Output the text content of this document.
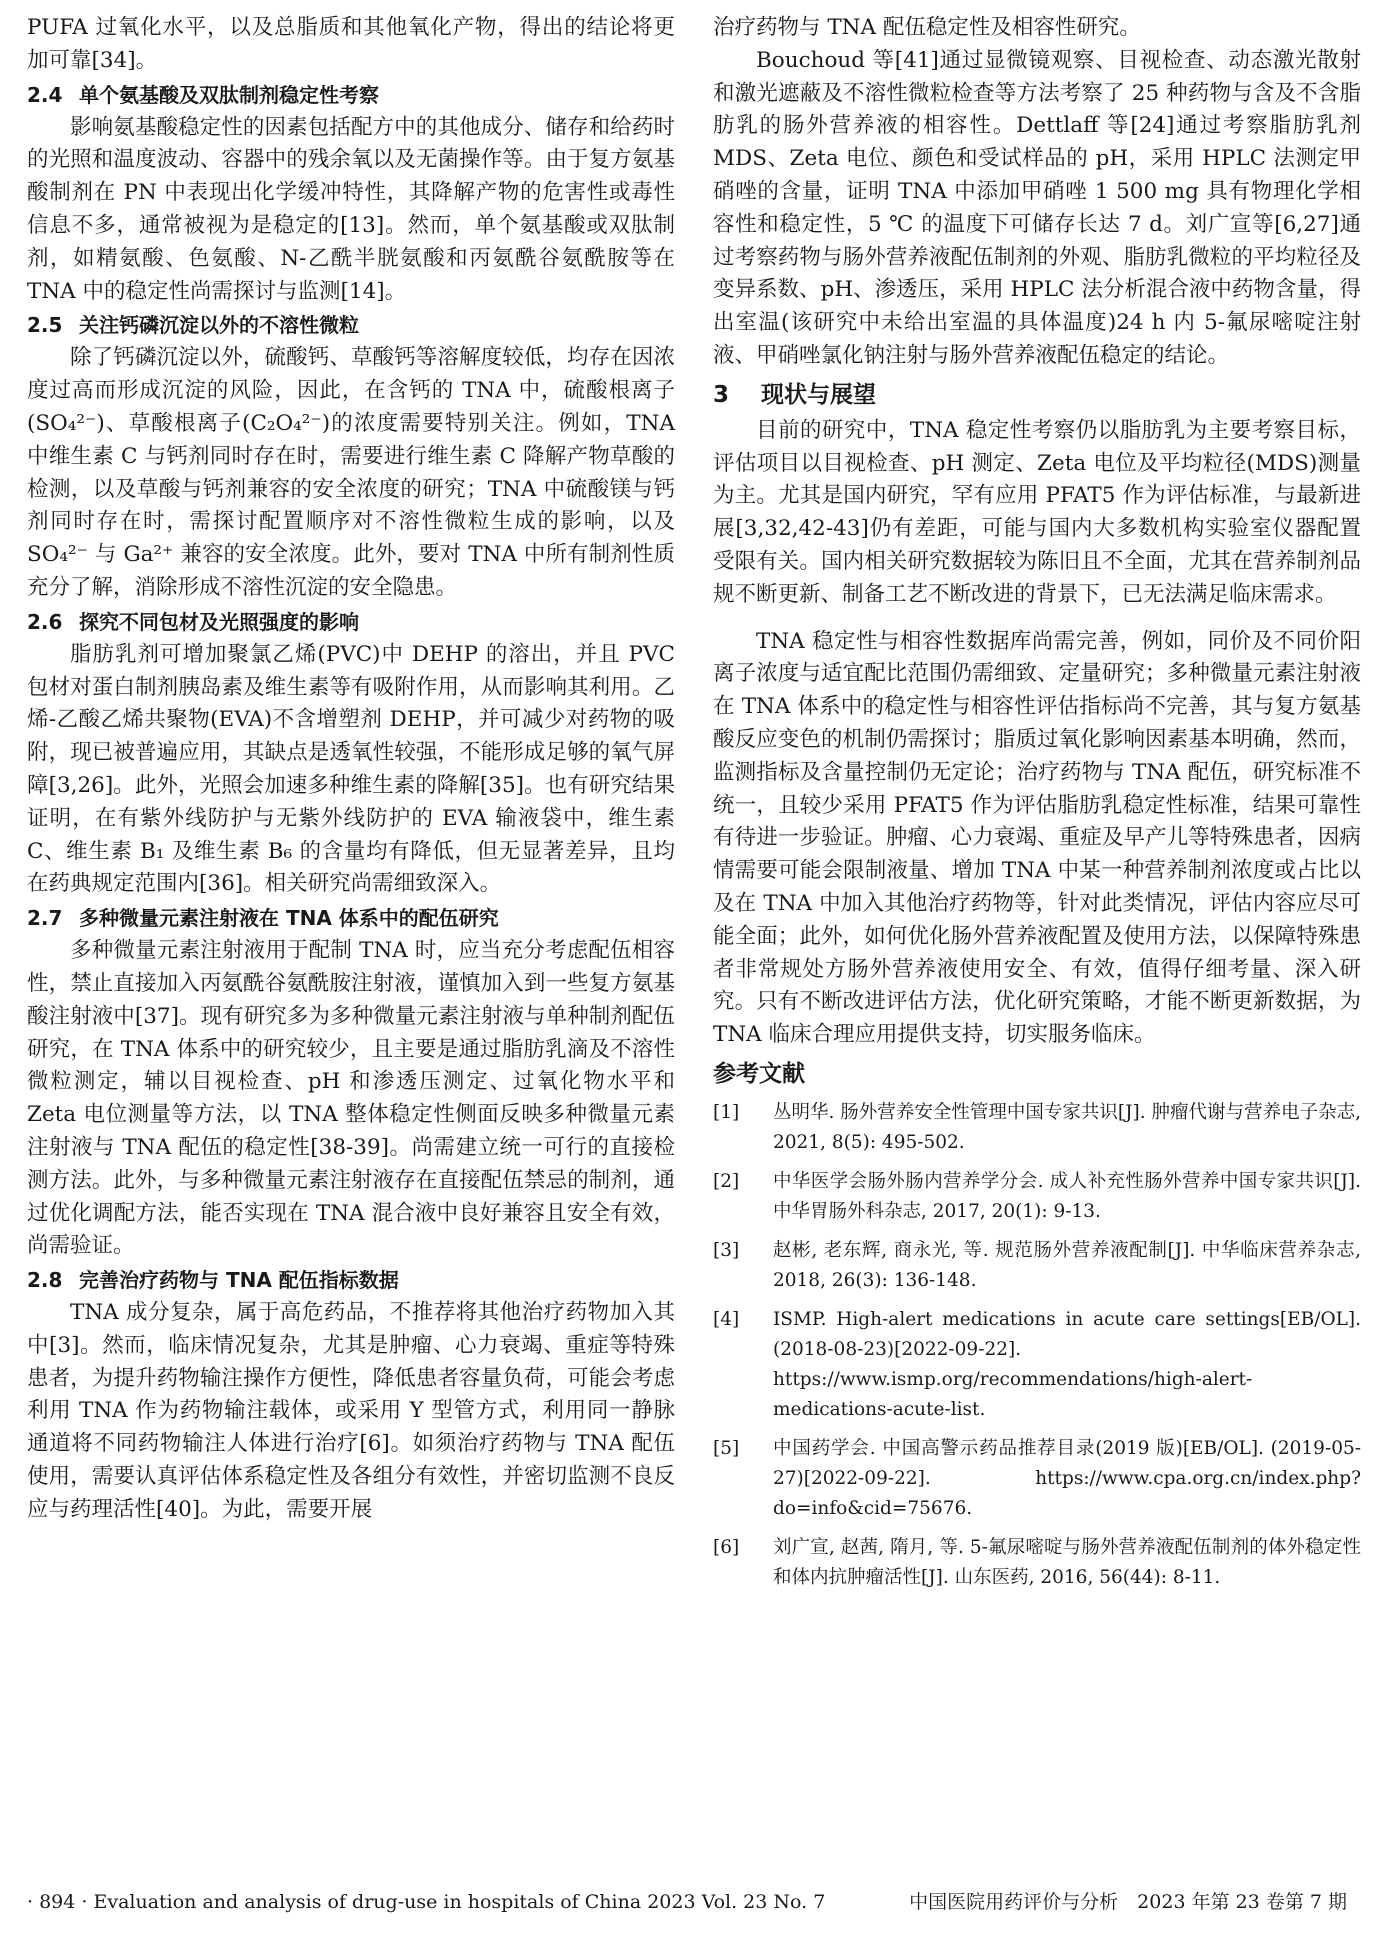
PUFA 过氧化水平，以及总脂质和其他氧化产物，得出的结论将更加可靠[34]。

2.4 单个氨基酸及双肽制剂稳定性考察

影响氨基酸稳定性的因素包括配方中的其他成分、储存和给药时的光照和温度波动、容器中的残余氧以及无菌操作等。由于复方氨基酸制剂在 PN 中表现出化学缓冲特性，其降解产物的危害性或毒性信息不多，通常被视为是稳定的[13]。然而，单个氨基酸或双肽制剂，如精氨酸、色氨酸、N-乙酰半胱氨酸和丙氨酰谷氨酰胺等在 TNA 中的稳定性尚需探讨与监测[14]。

2.5 关注钙磷沉淀以外的不溶性微粒

除了钙磷沉淀以外，硫酸钙、草酸钙等溶解度较低，均存在因浓度过高而形成沉淀的风险，因此，在含钙的 TNA 中，硫酸根离子(SO₄²⁻)、草酸根离子(C₂O₄²⁻)的浓度需要特别关注。例如，TNA 中维生素 C 与钙剂同时存在时，需要进行维生素 C 降解产物草酸的检测，以及草酸与钙剂兼容的安全浓度的研究；TNA 中硫酸镁与钙剂同时存在时，需探讨配置顺序对不溶性微粒生成的影响，以及 SO₄²⁻ 与 Ga²⁺ 兼容的安全浓度。此外，要对 TNA 中所有制剂性质充分了解，消除形成不溶性沉淀的安全隐患。

2.6 探究不同包材及光照强度的影响

脂肪乳剂可增加聚氯乙烯(PVC)中 DEHP 的溶出，并且 PVC 包材对蛋白制剂胰岛素及维生素等有吸附作用，从而影响其利用。乙烯-乙酸乙烯共聚物(EVA)不含增塑剂 DEHP，并可减少对药物的吸附，现已被普遍应用，其缺点是透氧性较强，不能形成足够的氧气屏障[3,26]。此外，光照会加速多种维生素的降解[35]。也有研究结果证明，在有紫外线防护与无紫外线防护的 EVA 输液袋中，维生素 C、维生素 B₁ 及维生素 B₆ 的含量均有降低，但无显著差异，且均在药典规定范围内[36]。相关研究尚需细致深入。

2.7 多种微量元素注射液在 TNA 体系中的配伍研究

多种微量元素注射液用于配制 TNA 时，应当充分考虑配伍相容性，禁止直接加入丙氨酰谷氨酰胺注射液，谨慎加入到一些复方氨基酸注射液中[37]。现有研究多为多种微量元素注射液与单种制剂配伍研究，在 TNA 体系中的研究较少，且主要是通过脂肪乳滴及不溶性微粒测定，辅以目视检查、pH 和渗透压测定、过氧化物水平和 Zeta 电位测量等方法，以 TNA 整体稳定性侧面反映多种微量元素注射液与 TNA 配伍的稳定性[38-39]。尚需建立统一可行的直接检测方法。此外，与多种微量元素注射液存在直接配伍禁忌的制剂，通过优化调配方法，能否实现在 TNA 混合液中良好兼容且安全有效，尚需验证。

2.8 完善治疗药物与 TNA 配伍指标数据

TNA 成分复杂，属于高危药品，不推荐将其他治疗药物加入其中[3]。然而，临床情况复杂，尤其是肿瘤、心力衰竭、重症等特殊患者，为提升药物输注操作方便性，降低患者容量负荷，可能会考虑利用 TNA 作为药物输注载体，或采用 Y 型管方式，利用同一静脉通道将不同药物输注人体进行治疗[6]。如须治疗药物与 TNA 配伍使用，需要认真评估体系稳定性及各组分有效性，并密切监测不良反应与药理活性[40]。为此，需要开展

治疗药物与 TNA 配伍稳定性及相容性研究。

Bouchoud 等[41]通过显微镜观察、目视检查、动态激光散射和激光遮蔽及不溶性微粒检查等方法考察了 25 种药物与含及不含脂肪乳的肠外营养液的相容性。Dettlaff 等[24]通过考察脂肪乳剂 MDS、Zeta 电位、颜色和受试样品的 pH，采用 HPLC 法测定甲硝唑的含量，证明 TNA 中添加甲硝唑 1 500 mg 具有物理化学相容性和稳定性，5 ℃ 的温度下可储存长达 7 d。刘广宣等[6,27]通过考察药物与肠外营养液配伍制剂的外观、脂肪乳微粒的平均粒径及变异系数、pH、渗透压，采用 HPLC 法分析混合液中药物含量，得出室温(该研究中未给出室温的具体温度)24 h 内 5-氟尿嘧啶注射液、甲硝唑氯化钠注射与肠外营养液配伍稳定的结论。

3 现状与展望

目前的研究中，TNA 稳定性考察仍以脂肪乳为主要考察目标，评估项目以目视检查、pH 测定、Zeta 电位及平均粒径(MDS)测量为主。尤其是国内研究，罕有应用 PFAT5 作为评估标准，与最新进展[3,32,42-43]仍有差距，可能与国内大多数机构实验室仪器配置受限有关。国内相关研究数据较为陈旧且不全面，尤其在营养制剂品规不断更新、制备工艺不断改进的背景下，已无法满足临床需求。

TNA 稳定性与相容性数据库尚需完善，例如，同价及不同价阳离子浓度与适宜配比范围仍需细致、定量研究；多种微量元素注射液在 TNA 体系中的稳定性与相容性评估指标尚不完善，其与复方氨基酸反应变色的机制仍需探讨；脂质过氧化影响因素基本明确，然而，监测指标及含量控制仍无定论；治疗药物与 TNA 配伍，研究标准不统一，且较少采用 PFAT5 作为评估脂肪乳稳定性标准，结果可靠性有待进一步验证。肿瘤、心力衰竭、重症及早产儿等特殊患者，因病情需要可能会限制液量、增加 TNA 中某一种营养制剂浓度或占比以及在 TNA 中加入其他治疗药物等，针对此类情况，评估内容应尽可能全面；此外，如何优化肠外营养液配置及使用方法，以保障特殊患者非常规处方肠外营养液使用安全、有效，值得仔细考量、深入研究。只有不断改进评估方法，优化研究策略，才能不断更新数据，为 TNA 临床合理应用提供支持，切实服务临床。

参考文献
[1] 丛明华. 肠外营养安全性管理中国专家共识[J]. 肿瘤代谢与营养电子杂志, 2021, 8(5): 495-502.
[2] 中华医学会肠外肠内营养学分会. 成人补充性肠外营养中国专家共识[J]. 中华胃肠外科杂志, 2017, 20(1): 9-13.
[3] 赵彬, 老东辉, 商永光, 等. 规范肠外营养液配制[J]. 中华临床营养杂志, 2018, 26(3): 136-148.
[4] ISMP. High-alert medications in acute care settings[EB/OL]. (2018-08-23)[2022-09-22]. https://www.ismp.org/recommendations/high-alert-medications-acute-list.
[5] 中国药学会. 中国高警示药品推荐目录(2019 版)[EB/OL]. (2019-05-27)[2022-09-22]. https://www.cpa.org.cn/index.php?do=info&cid=75676.
[6] 刘广宣, 赵茜, 隋月, 等. 5-氟尿嘧啶与肠外营养液配伍制剂的体外稳定性和体内抗肿瘤活性[J]. 山东医药, 2016, 56(44): 8-11.
· 894 · Evaluation and analysis of drug-use in hospitals of China 2023 Vol. 23 No. 7	中国医院用药评价与分析　2023 年第 23 卷第 7 期
